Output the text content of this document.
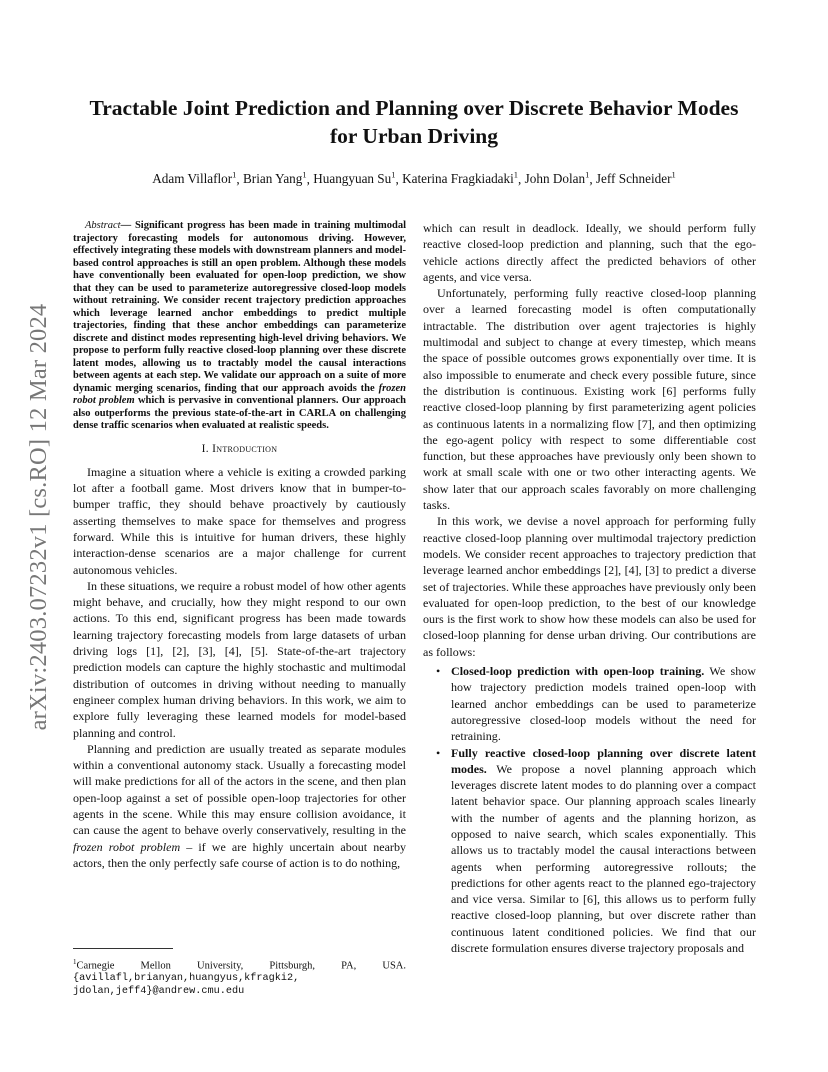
arXiv:2403.07232v1 [cs.RO] 12 Mar 2024
Tractable Joint Prediction and Planning over Discrete Behavior Modes
for Urban Driving

Adam Villaflor$^1$, Brian Yang$^1$, Huangyuan Su$^1$, Katerina Fragkiadaki$^1$, John Dolan$^1$, Jeff Schneider$^1$

Abstract— Significant progress has been made in training multimodal trajectory forecasting models for autonomous driving. However, effectively integrating these models with downstream planners and model-based control approaches is still an open problem. Although these models have conventionally been evaluated for open-loop prediction, we show that they can be used to parameterize autoregressive closed-loop models without retraining. We consider recent trajectory prediction approaches which leverage learned anchor embeddings to predict multiple trajectories, finding that these anchor embeddings can parameterize discrete and distinct modes representing high-level driving behaviors. We propose to perform fully reactive closed-loop planning over these discrete latent modes, allowing us to tractably model the causal interactions between agents at each step. We validate our approach on a suite of more dynamic merging scenarios, finding that our approach avoids the frozen robot problem which is pervasive in conventional planners. Our approach also outperforms the previous state-of-the-art in CARLA on challenging dense traffic scenarios when evaluated at realistic speeds.

I. Introduction

Imagine a situation where a vehicle is exiting a crowded parking lot after a football game. Most drivers know that in bumper-to-bumper traffic, they should behave proactively by cautiously asserting themselves to make space for themselves and progress forward. While this is intuitive for human drivers, these highly interaction-dense scenarios are a major challenge for current autonomous vehicles.

In these situations, we require a robust model of how other agents might behave, and crucially, how they might respond to our own actions. To this end, significant progress has been made towards learning trajectory forecasting models from large datasets of urban driving logs [1], [2], [3], [4], [5]. State-of-the-art trajectory prediction models can capture the highly stochastic and multimodal distribution of outcomes in driving without needing to manually engineer complex human driving behaviors. In this work, we aim to explore fully leveraging these learned models for model-based planning and control.

Planning and prediction are usually treated as separate modules within a conventional autonomy stack. Usually a forecasting model will make predictions for all of the actors in the scene, and then plan open-loop against a set of possible open-loop trajectories for other agents in the scene. While this may ensure collision avoidance, it can cause the agent to behave overly conservatively, resulting in the frozen robot problem – if we are highly uncertain about nearby actors, then the only perfectly safe course of action is to do nothing,

$^1$Carnegie Mellon University, Pittsburgh, PA, USA.
{avillafl,brianyan,huangyus,kfragki2,
jdolan,jeff4}@andrew.cmu.edu

which can result in deadlock. Ideally, we should perform fully reactive closed-loop prediction and planning, such that the ego-vehicle actions directly affect the predicted behaviors of other agents, and vice versa.

Unfortunately, performing fully reactive closed-loop planning over a learned forecasting model is often computationally intractable. The distribution over agent trajectories is highly multimodal and subject to change at every timestep, which means the space of possible outcomes grows exponentially over time. It is also impossible to enumerate and check every possible future, since the distribution is continuous. Existing work [6] performs fully reactive closed-loop planning by first parameterizing agent policies as continuous latents in a normalizing flow [7], and then optimizing the ego-agent policy with respect to some differentiable cost function, but these approaches have previously only been shown to work at small scale with one or two other interacting agents. We show later that our approach scales favorably on more challenging tasks.

In this work, we devise a novel approach for performing fully reactive closed-loop planning over multimodal trajectory prediction models. We consider recent approaches to trajectory prediction that leverage learned anchor embeddings [2], [4], [3] to predict a diverse set of trajectories. While these approaches have previously only been evaluated for open-loop prediction, to the best of our knowledge ours is the first work to show how these models can also be used for closed-loop planning for dense urban driving. Our contributions are as follows:

• Closed-loop prediction with open-loop training. We show how trajectory prediction models trained open-loop with learned anchor embeddings can be used to parameterize autoregressive closed-loop models without the need for retraining.
• Fully reactive closed-loop planning over discrete latent modes. We propose a novel planning approach which leverages discrete latent modes to do planning over a compact latent behavior space. Our planning approach scales linearly with the number of agents and the planning horizon, as opposed to naive search, which scales exponentially. This allows us to tractably model the causal interactions between agents when performing autoregressive rollouts; the predictions for other agents react to the planned ego-trajectory and vice versa. Similar to [6], this allows us to perform fully reactive closed-loop planning, but over discrete rather than continuous latent conditioned policies. We find that our discrete formulation ensures diverse trajectory proposals and
